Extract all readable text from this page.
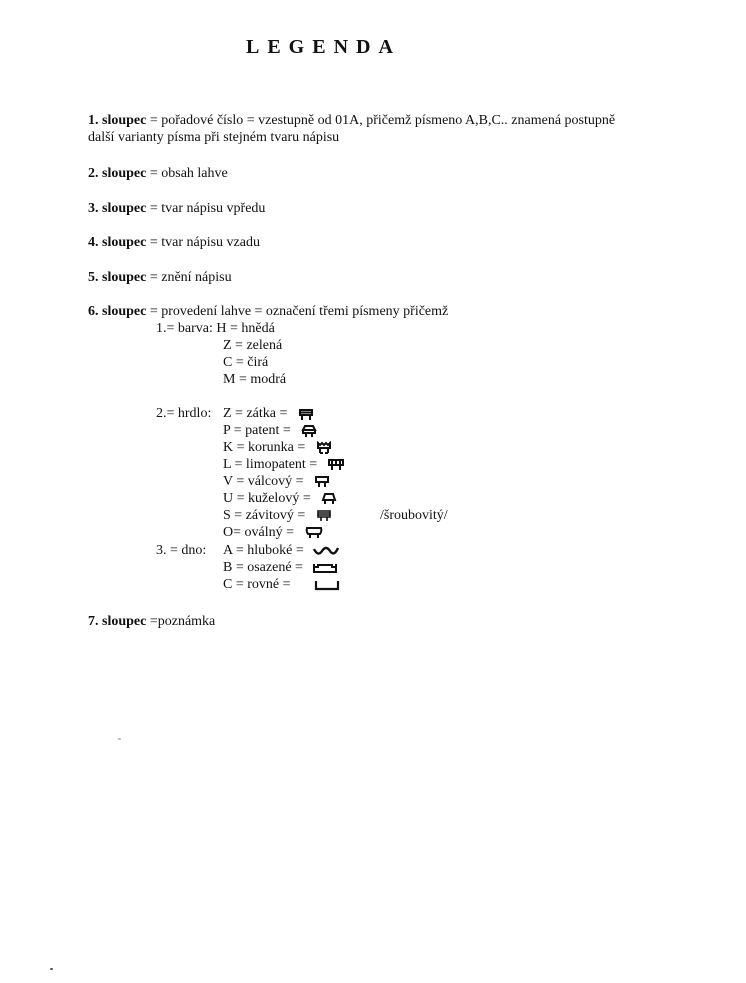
LEGENDA
1. sloupec = pořadové číslo = vzestupně od 01A, přičemž písmeno A,B,C.. znamená postupně
další varianty písma při stejném tvaru nápisu
2. sloupec = obsah lahve
3. sloupec = tvar nápisu vpředu
4. sloupec = tvar nápisu vzadu
5. sloupec = znění nápisu
6. sloupec = provedení lahve = označení třemi písmeny přičemž
1.= barva: H = hnědá
Z = zelená
C = čirá
M = modrá
2.= hrdlo: Z = zátka =
P = patent =
K = korunka =
L = limopatent =
V = válcový =
U = kuželový =
S = závitový =	/šroubovitý/
O= oválný =
3. = dno: A = hluboké =
B = osazené =
C = rovné =
7. sloupec =poznámka
